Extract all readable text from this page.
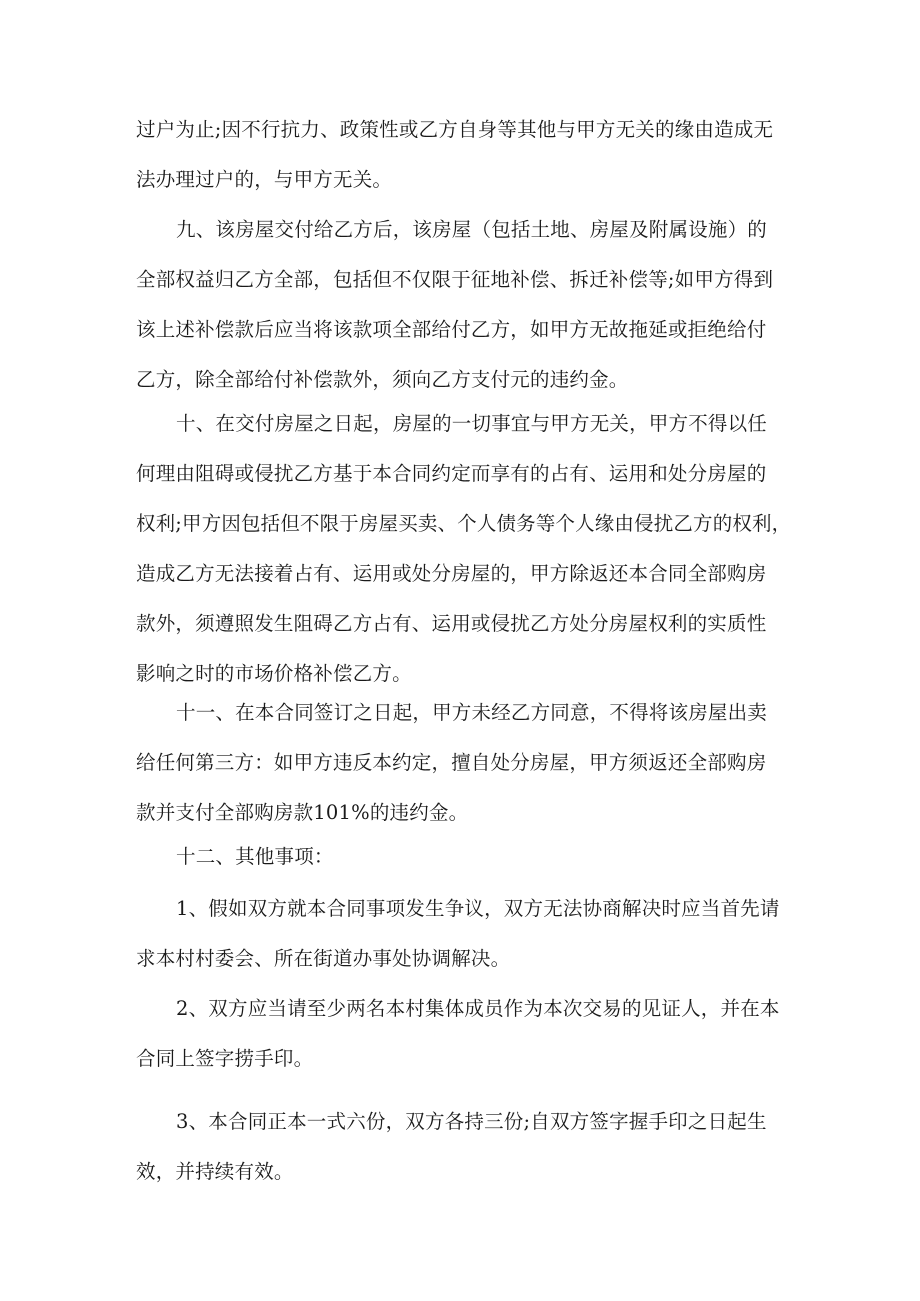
过户为止;因不行抗力、政策性或乙方自身等其他与甲方无关的缘由造成无
法办理过户的，与甲方无关。
九、该房屋交付给乙方后，该房屋（包括土地、房屋及附属设施）的
全部权益归乙方全部，包括但不仅限于征地补偿、拆迁补偿等;如甲方得到
该上述补偿款后应当将该款项全部给付乙方，如甲方无故拖延或拒绝给付
乙方，除全部给付补偿款外，须向乙方支付元的违约金。
十、在交付房屋之日起，房屋的一切事宜与甲方无关，甲方不得以任
何理由阻碍或侵扰乙方基于本合同约定而享有的占有、运用和处分房屋的
权利;甲方因包括但不限于房屋买卖、个人债务等个人缘由侵扰乙方的权利，
造成乙方无法接着占有、运用或处分房屋的，甲方除返还本合同全部购房
款外，须遵照发生阻碍乙方占有、运用或侵扰乙方处分房屋权利的实质性
影响之时的市场价格补偿乙方。
十一、在本合同签订之日起，甲方未经乙方同意，不得将该房屋出卖
给任何第三方：如甲方违反本约定，擅自处分房屋，甲方须返还全部购房
款并支付全部购房款101%的违约金。
十二、其他事项：
1、假如双方就本合同事项发生争议，双方无法协商解决时应当首先请
求本村村委会、所在街道办事处协调解决。
2、双方应当请至少两名本村集体成员作为本次交易的见证人，并在本
合同上签字捞手印。
3、本合同正本一式六份，双方各持三份;自双方签字握手印之日起生
效，并持续有效。
